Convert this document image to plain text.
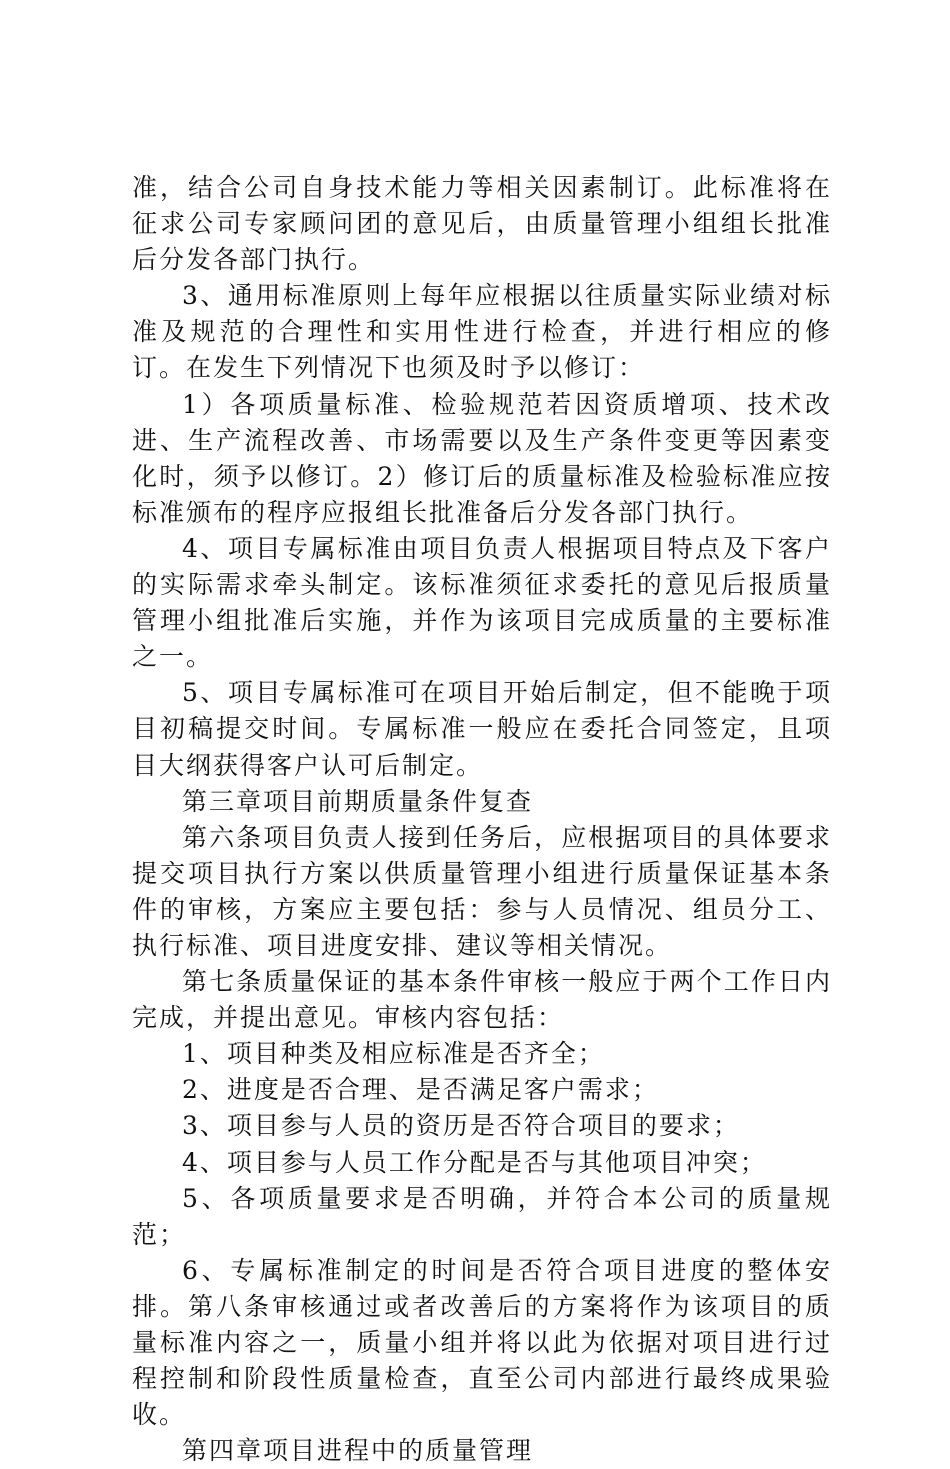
准，结合公司自身技术能力等相关因素制订。此标准将在征求公司专家顾问团的意见后，由质量管理小组组长批准后分发各部门执行。

3、通用标准原则上每年应根据以往质量实际业绩对标准及规范的合理性和实用性进行检查，并进行相应的修订。在发生下列情况下也须及时予以修订：

1）各项质量标准、检验规范若因资质增项、技术改进、生产流程改善、市场需要以及生产条件变更等因素变化时，须予以修订。2）修订后的质量标准及检验标准应按标准颁布的程序应报组长批准备后分发各部门执行。

4、项目专属标准由项目负责人根据项目特点及下客户的实际需求牵头制定。该标准须征求委托的意见后报质量管理小组批准后实施，并作为该项目完成质量的主要标准之一。

5、项目专属标准可在项目开始后制定，但不能晚于项目初稿提交时间。专属标准一般应在委托合同签定，且项目大纲获得客户认可后制定。

第三章项目前期质量条件复查

第六条项目负责人接到任务后，应根据项目的具体要求提交项目执行方案以供质量管理小组进行质量保证基本条件的审核，方案应主要包括：参与人员情况、组员分工、执行标准、项目进度安排、建议等相关情况。

第七条质量保证的基本条件审核一般应于两个工作日内完成，并提出意见。审核内容包括：

1、项目种类及相应标准是否齐全；

2、进度是否合理、是否满足客户需求；

3、项目参与人员的资历是否符合项目的要求；

4、项目参与人员工作分配是否与其他项目冲突；

5、各项质量要求是否明确，并符合本公司的质量规范；

6、专属标准制定的时间是否符合项目进度的整体安排。第八条审核通过或者改善后的方案将作为该项目的质量标准内容之一，质量小组并将以此为依据对项目进行过程控制和阶段性质量检查，直至公司内部进行最终成果验收。

第四章项目进程中的质量管理
